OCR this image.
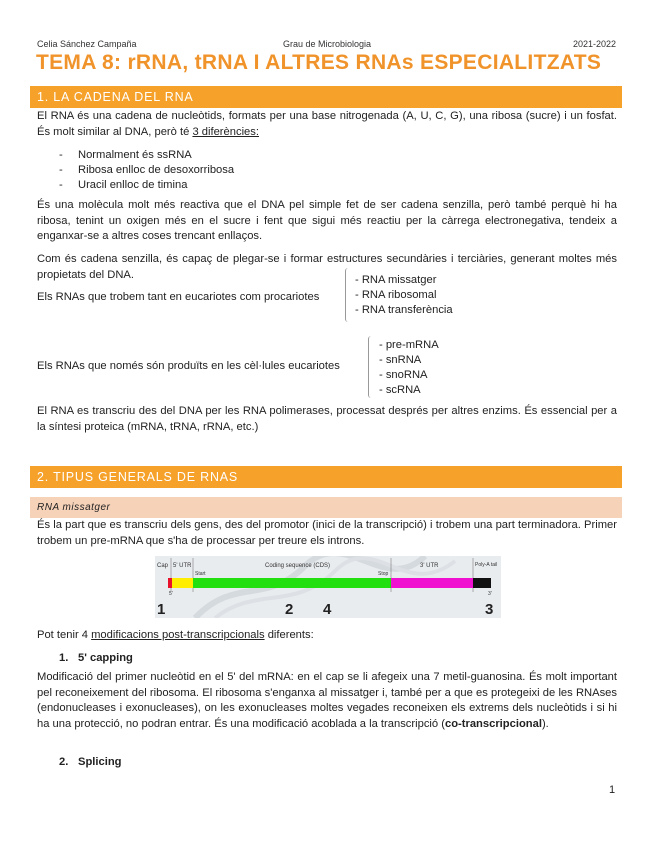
Celia Sánchez Campaña	Grau de Microbiologia	2021-2022
TEMA 8: rRNA, tRNA I ALTRES RNAs ESPECIALITZATS
1. LA CADENA DEL RNA
El RNA és una cadena de nucleòtids, formats per una base nitrogenada (A, U, C, G), una ribosa (sucre) i un fosfat. És molt similar al DNA, però té 3 diferències:
- Normalment és ssRNA
- Ribosa enlloc de desoxorribosa
- Uracil enlloc de timina
És una molècula molt més reactiva que el DNA pel simple fet de ser cadena senzilla, però també perquè hi ha ribosa, tenint un oxigen més en el sucre i fent que sigui més reactiu per la càrrega electronegativa, tendeix a enganxar-se a altres coses trencant enllaços.
Com és cadena senzilla, és capaç de plegar-se i formar estructures secundàries i terciàries, generant moltes més propietats del DNA.
Els RNAs que trobem tant en eucariotes com procariotes
- RNA missatger
- RNA ribosomal
- RNA transferència
Els RNAs que només són produïts en les cèl·lules eucariotes
- pre-mRNA
- snRNA
- snoRNA
- scRNA
El RNA es transcriu des del DNA per les RNA polimerases, processat després per altres enzims. És essencial per a la síntesi proteica (mRNA, tRNA, rRNA, etc.)
2. TIPUS GENERALS DE RNAS
RNA missatger
És la part que es transcriu dels gens, des del promotor (inici de la transcripció) i trobem una part terminadora. Primer trobem un pre-mRNA que s'ha de processar per treure els introns.
Cap 5' UTR	Coding sequence (CDS)	3' UTR	Poly-A tail
Start	Stop
5'	3'
1	2 4	3
Pot tenir 4 modificacions post-transcripcionals diferents:
1. 5' capping
Modificació del primer nucleòtid en el 5' del mRNA: en el cap se li afegeix una 7 metil-guanosina. És molt important pel reconeixement del ribosoma. El ribosoma s'enganxa al missatger i, també per a que es protegeixi de les RNAses (endonucleases i exonucleases), on les exonucleases moltes vegades reconeixen els extrems dels nucleòtids i si hi ha una protecció, no podran entrar. És una modificació acoblada a la transcripció (co-transcripcional).
2. Splicing
1
